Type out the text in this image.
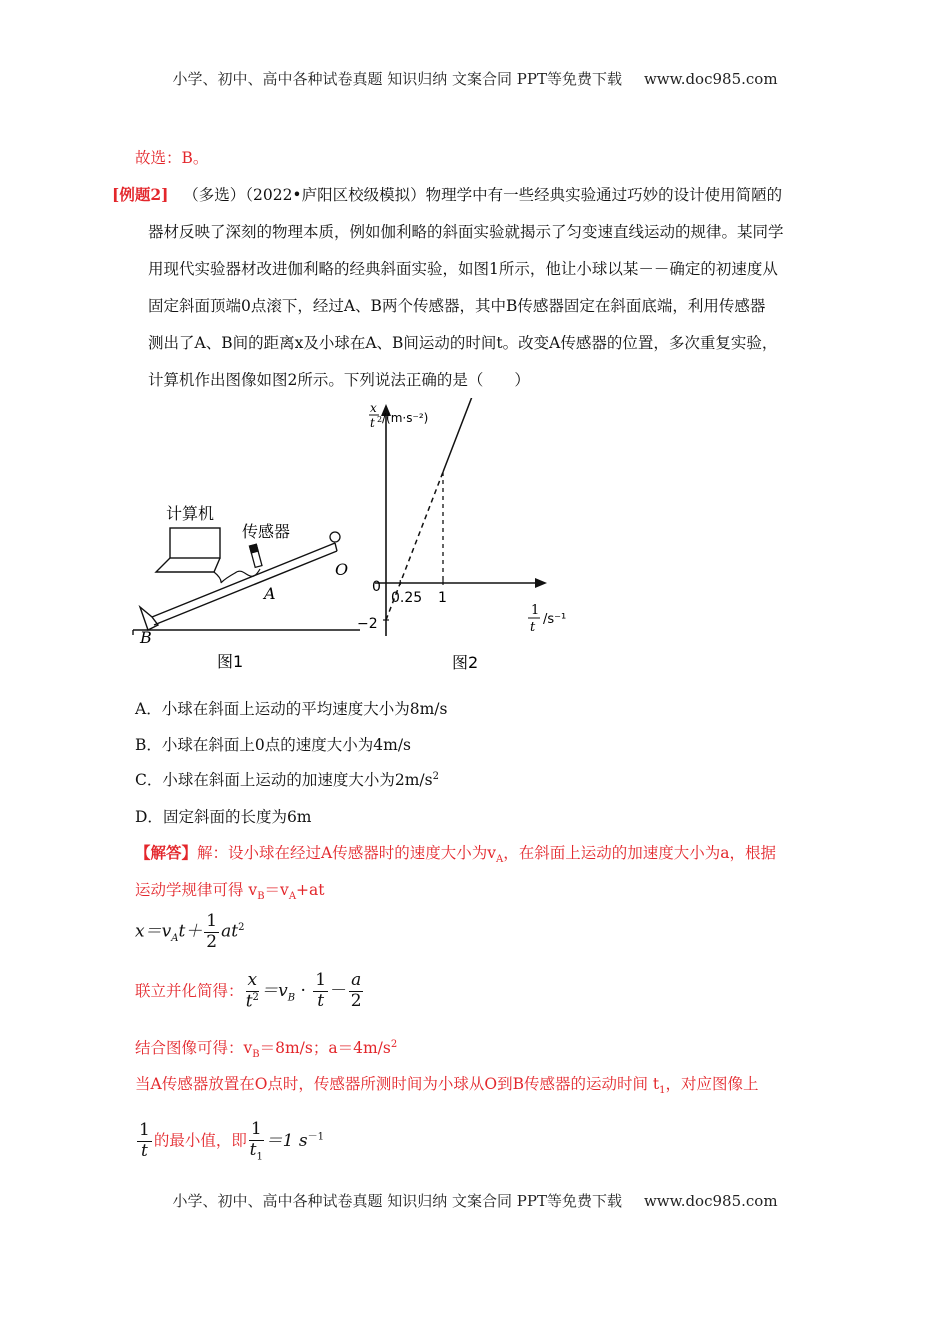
小学、初中、高中各种试卷真题 知识归纳 文案合同 PPT等免费下载 www.doc985.com
故选：B。
[例题2] （多选）（2022•庐阳区校级模拟）物理学中有一些经典实验通过巧妙的设计使用简陋的
器材反映了深刻的物理本质，例如伽利略的斜面实验就揭示了匀变速直线运动的规律。某同学
用现代实验器材改进伽利略的经典斜面实验，如图1所示，他让小球以某－－确定的初速度从
固定斜面顶端0点滚下，经过A、B两个传感器，其中B传感器固定在斜面底端，利用传感器
测出了A、B间的距离x及小球在A、B间运动的时间t。改变A传感器的位置，多次重复实验，
计算机作出图像如图2所示。下列说法正确的是（　　）
计算机
传感器
O
A
B
图1
x
t 2 /(m·s⁻²)
1
t
/s⁻¹
0
0.25 1
−2
图2
A．小球在斜面上运动的平均速度大小为8m/s
B．小球在斜面上0点的速度大小为4m/s
C．小球在斜面上运动的加速度大小为$2m/s^2$
D．固定斜面的长度为6m
【解答】解：设小球在经过A传感器时的速度大小为$v_A$，在斜面上运动的加速度大小为a，根据
运动学规律可得 $v_B=v_A+at$
$x=v_At+ \frac{1}{2} at^2$
联立并化简得： $\frac{x}{t^2} =v_B \cdot \frac{1}{t} - \frac{a}{2}$
结合图像可得：$v_B=8m/s$；$a=4m/s^2$
当A传感器放置在O点时，传感器所测时间为小球从O到B传感器的运动时间 $t_1$，对应图像上
$\frac{1}{t}$ 的最小值，即 $\frac{1}{t_1} =1$ $s^{-1}$
小学、初中、高中各种试卷真题 知识归纳 文案合同 PPT等免费下载 www.doc985.com
